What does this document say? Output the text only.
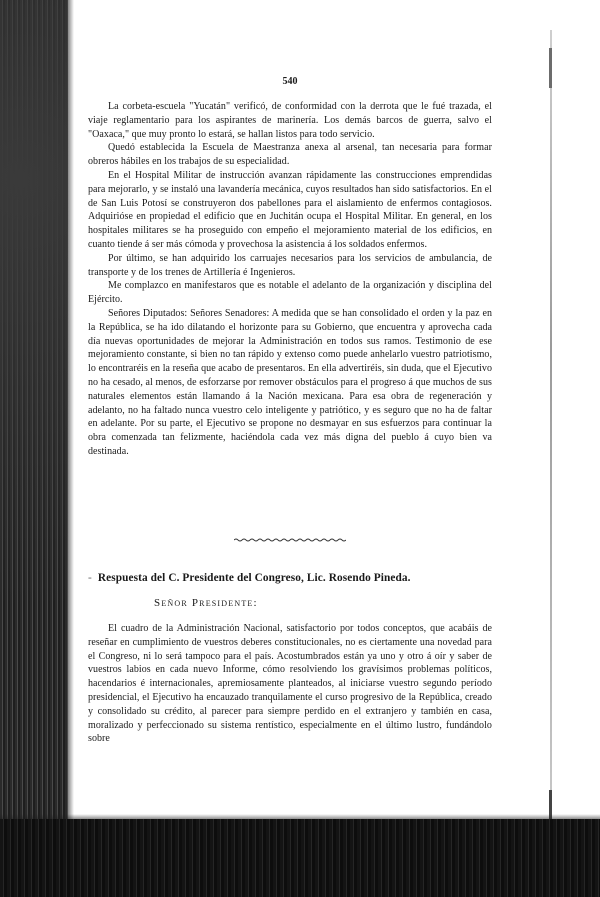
540

La corbeta-escuela "Yucatán" verificó, de conformidad con la derrota que le fué trazada, el viaje reglamentario para los aspirantes de marinería. Los demás barcos de guerra, salvo el "Oaxaca," que muy pronto lo estará, se hallan listos para todo servicio.

Quedó establecida la Escuela de Maestranza anexa al arsenal, tan necesaria para formar obreros hábiles en los trabajos de su especialidad.

En el Hospital Militar de instrucción avanzan rápidamente las construcciones emprendidas para mejorarlo, y se instaló una lavandería mecánica, cuyos resultados han sido satisfactorios. En el de San Luis Potosí se construyeron dos pabellones para el aislamiento de enfermos contagiosos. Adquirióse en propiedad el edificio que en Juchitán ocupa el Hospital Militar. En general, en los hospitales militares se ha proseguido con empeño el mejoramiento material de los edificios, en cuanto tiende á ser más cómoda y provechosa la asistencia á los soldados enfermos.

Por último, se han adquirido los carruajes necesarios para los servicios de ambulancia, de transporte y de los trenes de Artillería é Ingenieros.

Me complazco en manifestaros que es notable el adelanto de la organización y disciplina del Ejército.

Señores Diputados: Señores Senadores: A medida que se han consolidado el orden y la paz en la República, se ha ido dilatando el horizonte para su Gobierno, que encuentra y aprovecha cada día nuevas oportunidades de mejorar la Administración en todos sus ramos. Testimonio de ese mejoramiento constante, si bien no tan rápido y extenso como puede anhelarlo vuestro patriotismo, lo encontraréis en la reseña que acabo de presentaros. En ella advertiréis, sin duda, que el Ejecutivo no ha cesado, al menos, de esforzarse por remover obstáculos para el progreso á que muchos de sus naturales elementos están llamando á la Nación mexicana. Para esa obra de regeneración y adelanto, no ha faltado nunca vuestro celo inteligente y patriótico, y es seguro que no ha de faltar en adelante. Por su parte, el Ejecutivo se propone no desmayar en sus esfuerzos para continuar la obra comenzada tan felizmente, haciéndola cada vez más digna del pueblo á cuyo bien va destinada.

- Respuesta del C. Presidente del Congreso, Lic. Rosendo Pineda.
Señor Presidente:

El cuadro de la Administración Nacional, satisfactorio por todos conceptos, que acabáis de reseñar en cumplimiento de vuestros deberes constitucionales, no es ciertamente una novedad para el Congreso, ni lo será tampoco para el país. Acostumbrados están ya uno y otro á oír y saber de vuestros labios en cada nuevo Informe, cómo resolviendo los gravísimos problemas políticos, hacendarios é internacionales, apremiosamente planteados, al iniciarse vuestro segundo período presidencial, el Ejecutivo ha encauzado tranquilamente el curso progresivo de la República, creado y consolidado su crédito, al parecer para siempre perdido en el extranjero y también en casa, moralizado y perfeccionado su sistema rentístico, especialmente en el último lustro, fundándolo sobre
